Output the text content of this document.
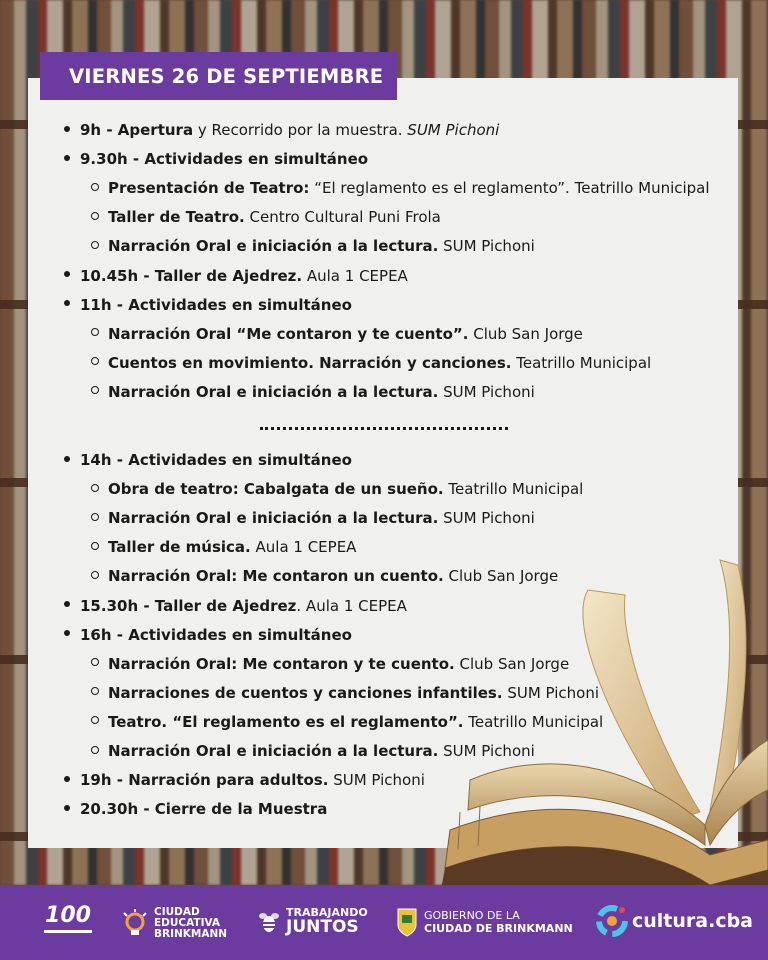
VIERNES 26 DE SEPTIEMBRE
9h - Apertura y Recorrido por la muestra. SUM Pichoni
9.30h - Actividades en simultáneo
Presentación de Teatro: “El reglamento es el reglamento”. Teatrillo Municipal
Taller de Teatro. Centro Cultural Puni Frola
Narración Oral e iniciación a la lectura. SUM Pichoni
10.45h - Taller de Ajedrez. Aula 1 CEPEA
11h - Actividades en simultáneo
Narración Oral “Me contaron y te cuento”. Club San Jorge
Cuentos en movimiento. Narración y canciones. Teatrillo Municipal
Narración Oral e iniciación a la lectura. SUM Pichoni
14h - Actividades en simultáneo
Obra de teatro: Cabalgata de un sueño. Teatrillo Municipal
Narración Oral e iniciación a la lectura. SUM Pichoni
Taller de música. Aula 1 CEPEA
Narración Oral: Me contaron un cuento. Club San Jorge
15.30h - Taller de Ajedrez. Aula 1 CEPEA
16h - Actividades en simultáneo
Narración Oral: Me contaron y te cuento. Club San Jorge
Narraciones de cuentos y canciones infantiles. SUM Pichoni
Teatro. “El reglamento es el reglamento”. Teatrillo Municipal
Narración Oral e iniciación a la lectura. SUM Pichoni
19h - Narración para adultos. SUM Pichoni
20.30h - Cierre de la Muestra
100	CIUDAD
EDUCATIVA
BRINKMANN
TRABAJANDO
JUNTOS
GOBIERNO DE LA
CIUDAD DE BRINKMANN	cultura.cba
